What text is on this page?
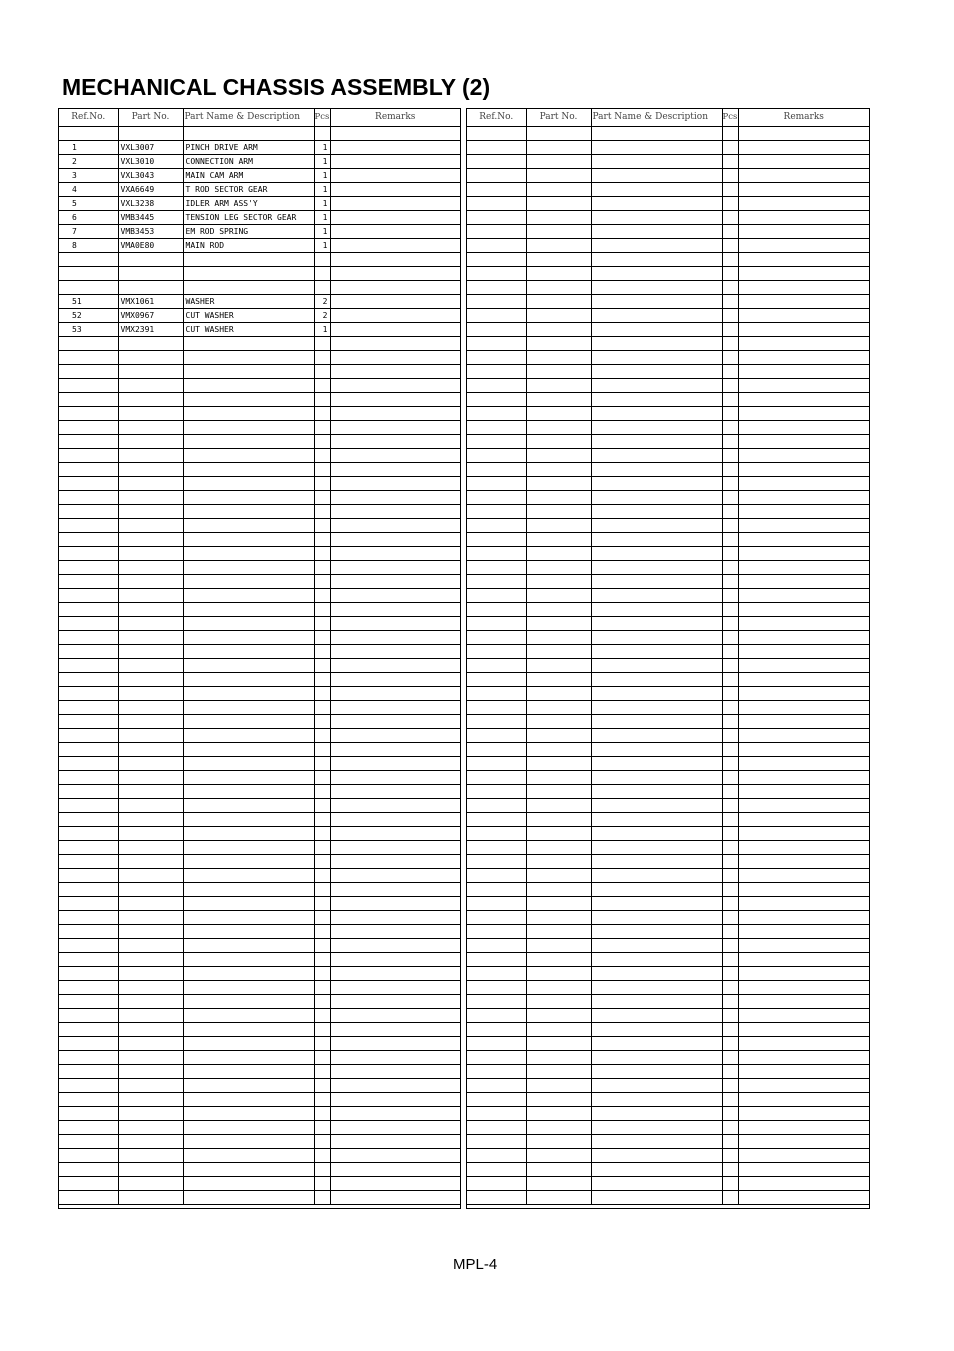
MECHANICAL CHASSIS ASSEMBLY (2)
Ref.No.	Part No.	Part Name & Description	Pcs	Remarks

1	VXL3007	PINCH DRIVE ARM	1	
2	VXL3010	CONNECTION ARM	1	
3	VXL3043	MAIN CAM ARM	1	
4	VXA6649	T ROD SECTOR GEAR	1	
5	VXL3238	IDLER ARM ASS'Y	1	
6	VMB3445	TENSION LEG SECTOR GEAR	1	
7	VMB3453	EM ROD SPRING	1	
8	VMA0E80	MAIN ROD	1	

51	VMX1061	WASHER	2	
52	VMX0967	CUT WASHER	2	
53	VMX2391	CUT WASHER	1	

Ref.No.	Part No.	Part Name & Description	Pcs	Remarks

MPL-4
